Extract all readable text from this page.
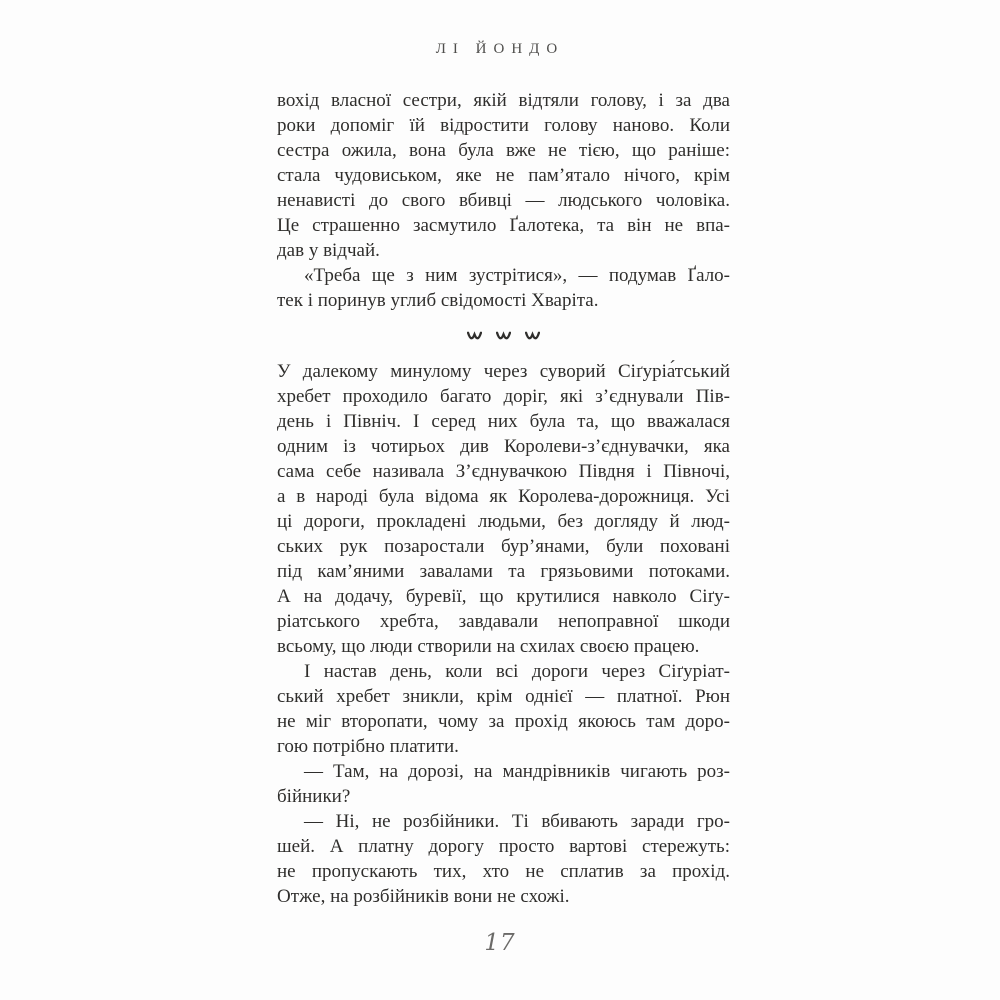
ЛІ ЙОНДО
вохід власної сестри, якій відтяли голову, і за два
роки допоміг їй відростити голову наново. Коли
сестра ожила, вона була вже не тією, що раніше:
стала чудовиськом, яке не пам’ятало нічого, крім
ненависті до свого вбивці — людського чоловіка.
Це страшенно засмутило Ґалотека, та він не впа-
дав у відчай.
«Треба ще з ним зустрітися», — подумав Ґало-
тек і поринув углиб свідомості Хваріта.
У далекому минулому через суворий Сіґуріа́тський
хребет проходило багато доріг, які з’єднували Пів-
день і Північ. І серед них була та, що вважалася
одним із чотирьох див Королеви-з’єднувачки, яка
сама себе називала З’єднувачкою Півдня і Півночі,
а в народі була відома як Королева-дорожниця. Усі
ці дороги, прокладені людьми, без догляду й люд-
ських рук позаростали бур’янами, були поховані
під кам’яними завалами та грязьовими потоками.
А на додачу, буревії, що крутилися навколо Сіґу-
ріатського хребта, завдавали непоправної шкоди
всьому, що люди створили на схилах своєю працею.
І настав день, коли всі дороги через Сіґуріат-
ський хребет зникли, крім однієї — платної. Рюн
не міг второпати, чому за прохід якоюсь там доро-
гою потрібно платити.
— Там, на дорозі, на мандрівників чигають роз-
бійники?
— Ні, не розбійники. Ті вбивають заради гро-
шей. А платну дорогу просто вартові стережуть:
не пропускають тих, хто не сплатив за прохід.
Отже, на розбійників вони не схожі.
17
